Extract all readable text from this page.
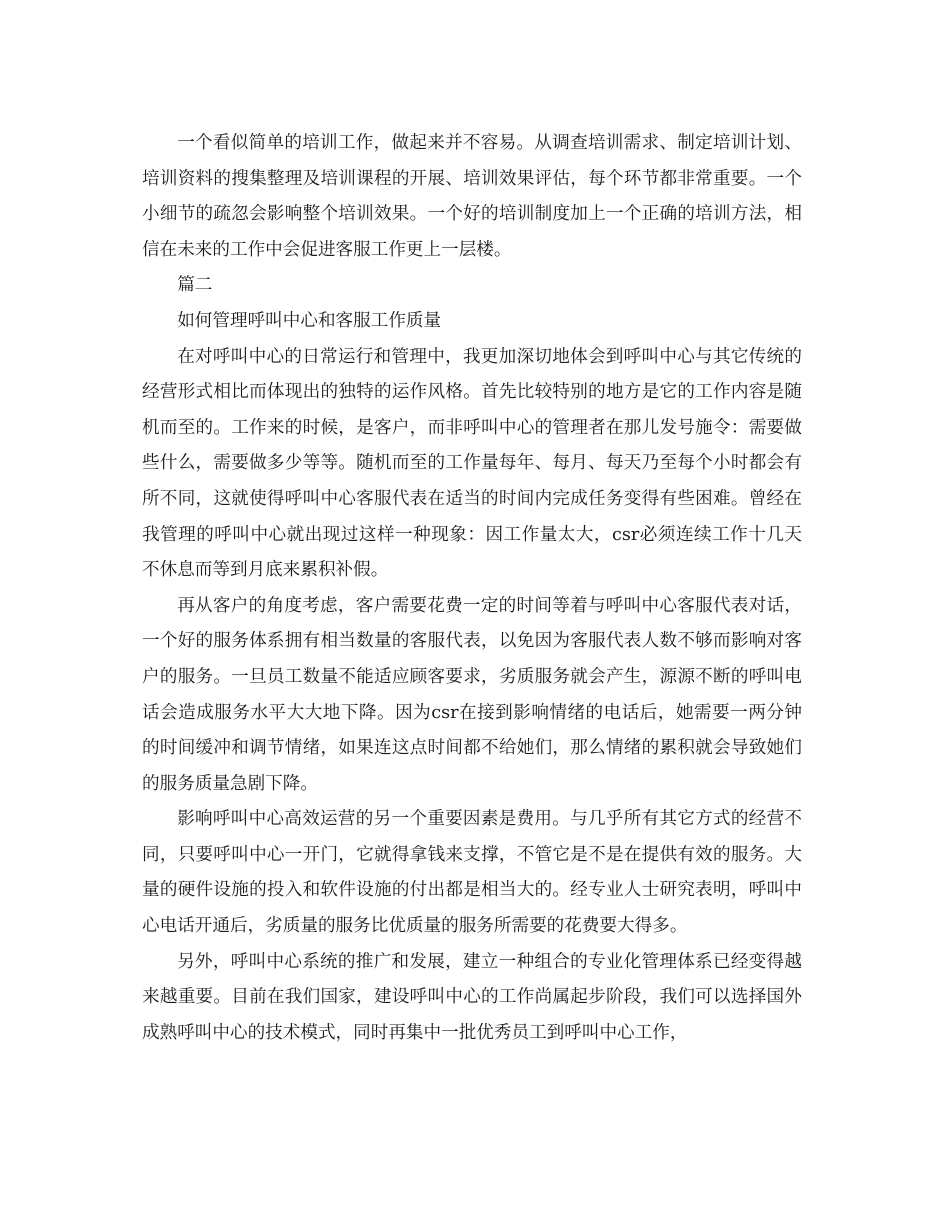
一个看似简单的培训工作，做起来并不容易。从调查培训需求、制定培训计划、培训资料的搜集整理及培训课程的开展、培训效果评估，每个环节都非常重要。一个小细节的疏忽会影响整个培训效果。一个好的培训制度加上一个正确的培训方法，相信在未来的工作中会促进客服工作更上一层楼。

篇二

如何管理呼叫中心和客服工作质量

在对呼叫中心的日常运行和管理中，我更加深切地体会到呼叫中心与其它传统的经营形式相比而体现出的独特的运作风格。首先比较特别的地方是它的工作内容是随机而至的。工作来的时候，是客户，而非呼叫中心的管理者在那儿发号施令：需要做些什么，需要做多少等等。随机而至的工作量每年、每月、每天乃至每个小时都会有所不同，这就使得呼叫中心客服代表在适当的时间内完成任务变得有些困难。曾经在我管理的呼叫中心就出现过这样一种现象：因工作量太大，csr必须连续工作十几天不休息而等到月底来累积补假。

再从客户的角度考虑，客户需要花费一定的时间等着与呼叫中心客服代表对话，一个好的服务体系拥有相当数量的客服代表，以免因为客服代表人数不够而影响对客户的服务。一旦员工数量不能适应顾客要求，劣质服务就会产生，源源不断的呼叫电话会造成服务水平大大地下降。因为csr在接到影响情绪的电话后，她需要一两分钟的时间缓冲和调节情绪，如果连这点时间都不给她们，那么情绪的累积就会导致她们的服务质量急剧下降。

影响呼叫中心高效运营的另一个重要因素是费用。与几乎所有其它方式的经营不同，只要呼叫中心一开门，它就得拿钱来支撑，不管它是不是在提供有效的服务。大量的硬件设施的投入和软件设施的付出都是相当大的。经专业人士研究表明，呼叫中心电话开通后，劣质量的服务比优质量的服务所需要的花费要大得多。

另外，呼叫中心系统的推广和发展，建立一种组合的专业化管理体系已经变得越来越重要。目前在我们国家，建设呼叫中心的工作尚属起步阶段，我们可以选择国外成熟呼叫中心的技术模式，同时再集中一批优秀员工到呼叫中心工作，
